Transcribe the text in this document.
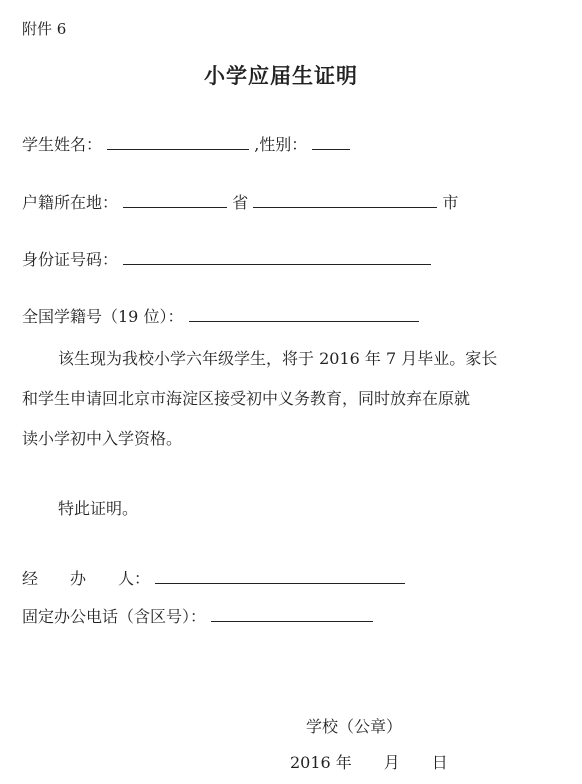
附件 6
小学应届生证明
学生姓名：	,性别：
户籍所在地：	省	市
身份证号码：
全国学籍号（19 位）：
该生现为我校小学六年级学生，将于 2016 年 7 月毕业。家长
和学生申请回北京市海淀区接受初中义务教育，同时放弃在原就
读小学初中入学资格。
特此证明。
经　　办　　人：
固定办公电话（含区号）：
学校（公章）
2016 年　　月　　日
